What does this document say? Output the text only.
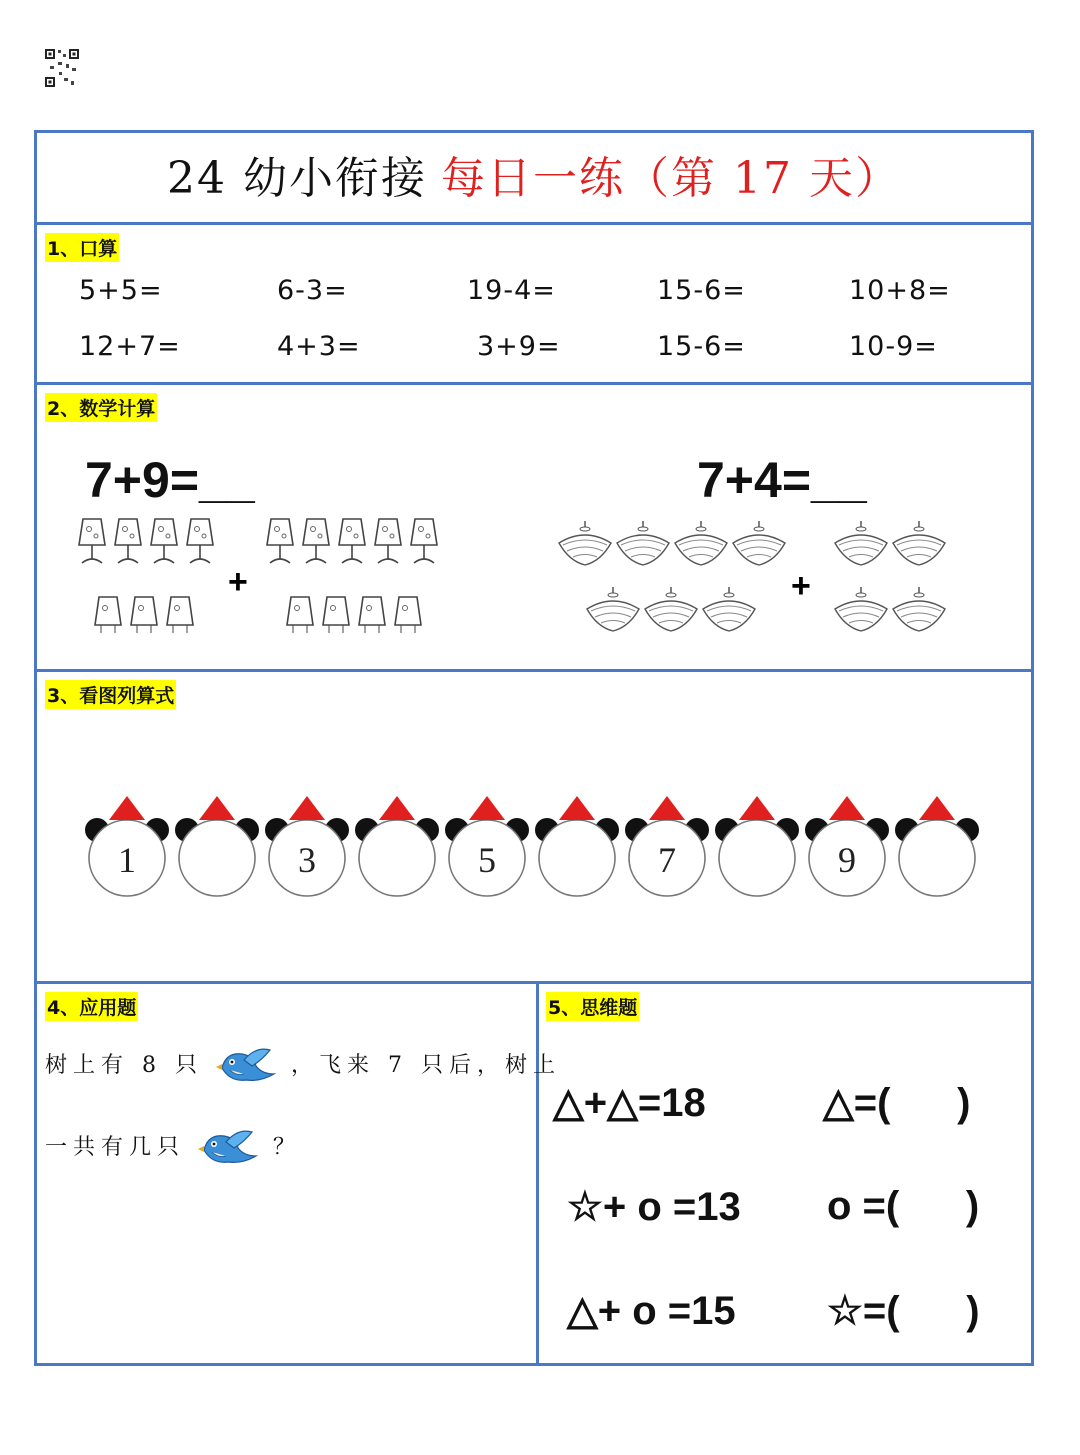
24 幼小衔接 每日一练（第 17 天）
1、口算
5+5=	6-3=	19-4=	15-6=	10+8=
12+7=	4+3=	3+9=	15-6=	10-9=
2、数学计算
7+9=__	7+4=__
+	+
3、看图列算式
1	3	5	7	9
4、应用题
树上有 8 只	，飞来 7 只后，树上
一共有几只	？
5、思维题
△+△=18	△=(      )
☆+ o =13 o =(      )
△+ o =15 ☆=(      )
